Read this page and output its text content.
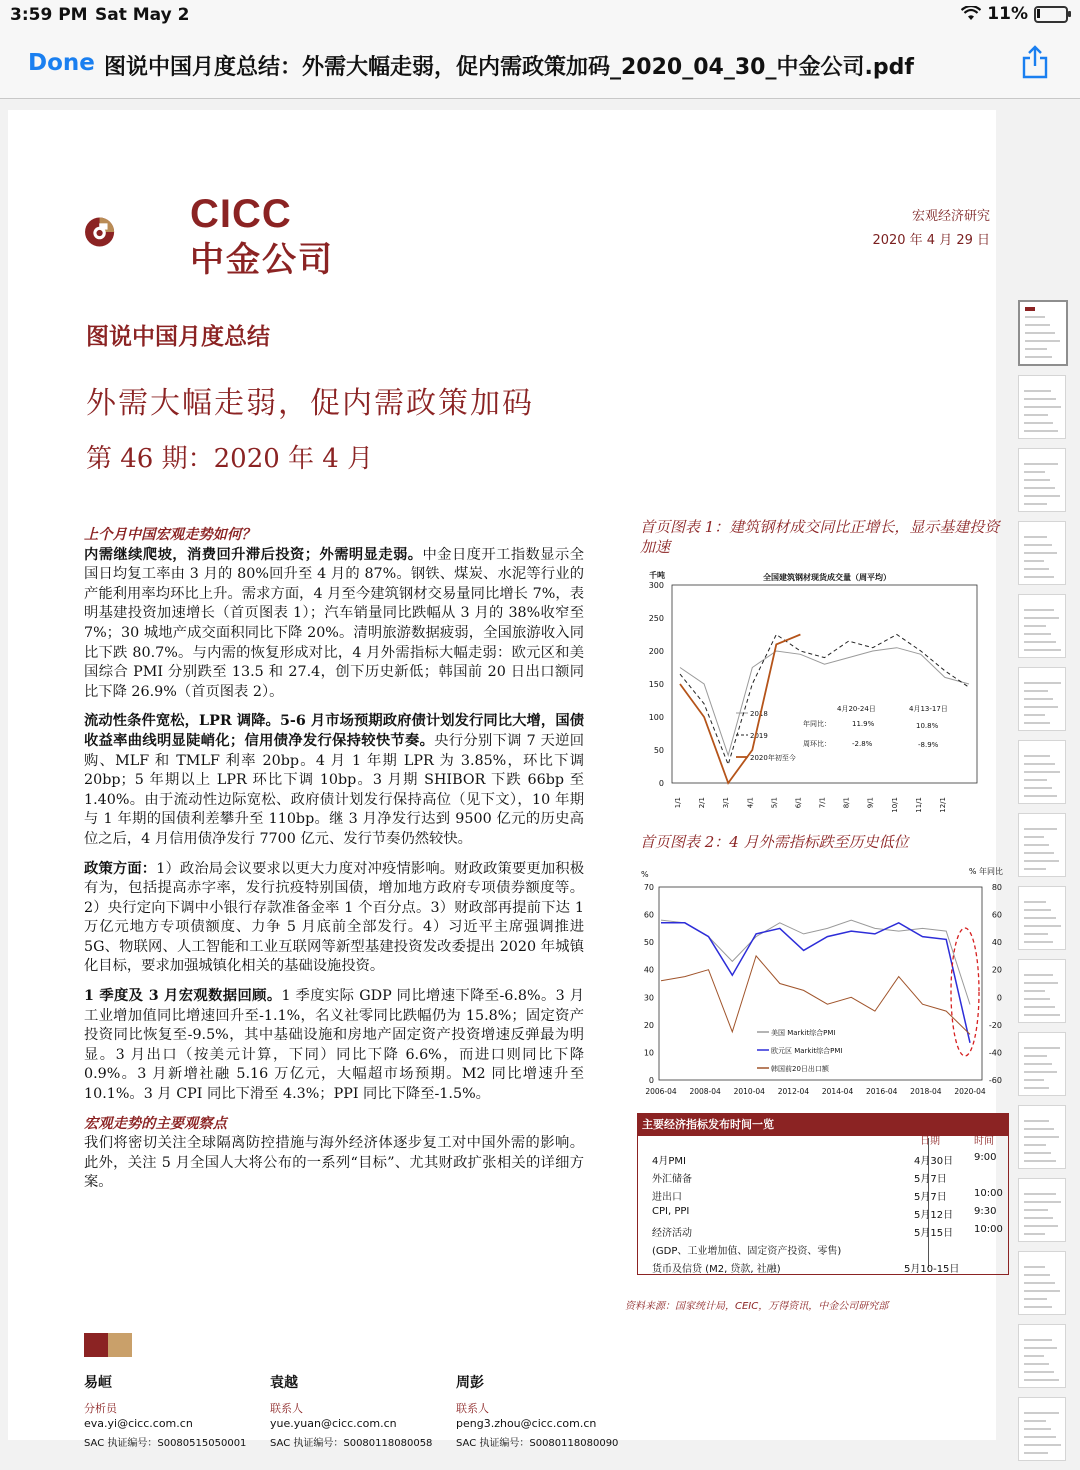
3:59 PM Sat May 2	11%
Done 图说中国月度总结：外需大幅走弱，促内需政策加码_2020_04_30_中金公司.pdf
CICC
中金公司
宏观经济研究
2020 年 4 月 29 日
图说中国月度总结
外需大幅走弱，促内需政策加码
第 46 期：2020 年 4 月
上个月中国宏观走势如何？

内需继续爬坡，消费回升滞后投资；外需明显走弱。中金日度开工指数显示全国日均复工率由 3 月的 80%回升至 4 月的 87%。钢铁、煤炭、水泥等行业的产能利用率均环比上升。需求方面，4 月至今建筑钢材交易量同比增长 7%，表明基建投资加速增长（首页图表 1）；汽车销量同比跌幅从 3 月的 38%收窄至 7%；30 城地产成交面积同比下降 20%。清明旅游数据疲弱，全国旅游收入同比下跌 80.7%。与内需的恢复形成对比，4 月外需指标大幅走弱：欧元区和美国综合 PMI 分别跌至 13.5 和 27.4，创下历史新低；韩国前 20 日出口额同比下降 26.9%（首页图表 2）。

流动性条件宽松，LPR 调降。5-6 月市场预期政府债计划发行同比大增，国债收益率曲线明显陡峭化；信用债净发行保持较快节奏。央行分别下调 7 天逆回购、MLF 和 TMLF 利率 20bp。4 月 1 年期 LPR 为 3.85%，环比下调 20bp；5 年期以上 LPR 环比下调 10bp。3 月期 SHIBOR 下跌 66bp 至 1.40%。由于流动性边际宽松、政府债计划发行保持高位（见下文），10 年期与 1 年期的国债利差攀升至 110bp。继 3 月净发行达到 9500 亿元的历史高位之后，4 月信用债净发行 7700 亿元、发行节奏仍然较快。

政策方面：1）政治局会议要求以更大力度对冲疫情影响。财政政策要更加积极有为，包括提高赤字率，发行抗疫特别国债，增加地方政府专项债券额度等。2）央行定向下调中小银行存款准备金率 1 个百分点。3）财政部再提前下达 1 万亿元地方专项债额度、力争 5 月底前全部发行。4）习近平主席强调推进 5G、物联网、人工智能和工业互联网等新型基建投资发改委提出 2020 年城镇化目标，要求加强城镇化相关的基础设施投资。

1 季度及 3 月宏观数据回顾。1 季度实际 GDP 同比增速下降至-6.8%。3 月工业增加值同比增速回升至-1.1%，名义社零同比跌幅仍为 15.8%；固定资产投资同比恢复至-9.5%，其中基础设施和房地产固定资产投资增速反弹最为明显。3 月出口（按美元计算，下同）同比下降 6.6%，而进口则同比下降 0.9%。3 月新增社融 5.16 万亿元，大幅超市场预期。M2 同比增速升至 10.1%。3 月 CPI 同比下滑至 4.3%；PPI 同比下降至-1.5%。

宏观走势的主要观察点

我们将密切关注全球隔离防控措施与海外经济体逐步复工对中国外需的影响。此外，关注 5 月全国人大将公布的一系列“目标”、尤其财政扩张相关的详细方案。

首页图表 1：建筑钢材成交同比正增长，显示基建投资加速
千吨	全国建筑钢材现货成交量（周平均）
0
50
100
150
200
250
300
1/1 2/1 3/1 4/1 5/1 6/1 7/1 8/1 9/1 10/1 11/1 12/1
2018
2019
2020年初至今
4月20-24日	4月13-17日
年同比：	11.9%	10.8%
周环比：	-2.8%	-8.9%
首页图表 2：4 月外需指标跌至历史低位
%	% 年同比
0
10
20
30
40
50
60
70
-60
-40
-20
0
20
40
60
80
2006-04 2008-04 2010-04 2012-04 2014-04 2016-04 2018-04 2020-04
美国 Markit综合PMI
欧元区 Markit综合PMI
韩国前20日出口额
主要经济指标发布时间一览
日期	时间
4月PMI	4月30日 9:00
外汇储备	5月7日
进出口	5月7日	10:00
CPI, PPI	5月12日 9:30
经济活动	5月15日 10:00
(GDP、工业增加值、固定资产投资、零售)
货币及信贷 (M2, 贷款, 社融)	5月10-15日
资料来源：国家统计局，CEIC，万得资讯，中金公司研究部
易峘
分析员
eva.yi@cicc.com.cn
SAC 执证编号：S0080515050001
袁越
联系人
yue.yuan@cicc.com.cn
SAC 执证编号：S0080118080058
周彭
联系人
peng3.zhou@cicc.com.cn
SAC 执证编号：S0080118080090
